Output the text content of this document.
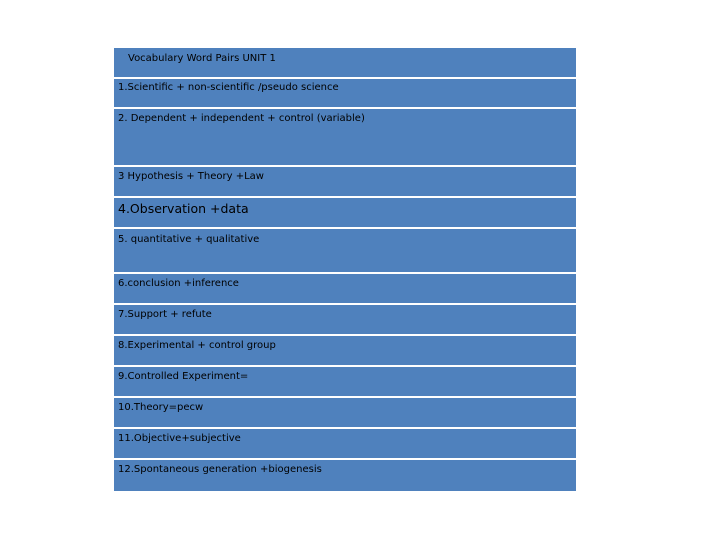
Vocabulary Word Pairs UNIT 1
1.Scientific + non-scientific /pseudo science
2. Dependent + independent + control (variable)
3 Hypothesis + Theory +Law
4.Observation +data
5. quantitative + qualitative
6.conclusion +inference
7.Support + refute
8.Experimental + control group
9.Controlled Experiment=
10.Theory=pecw
11.Objective+subjective
12.Spontaneous generation +biogenesis
